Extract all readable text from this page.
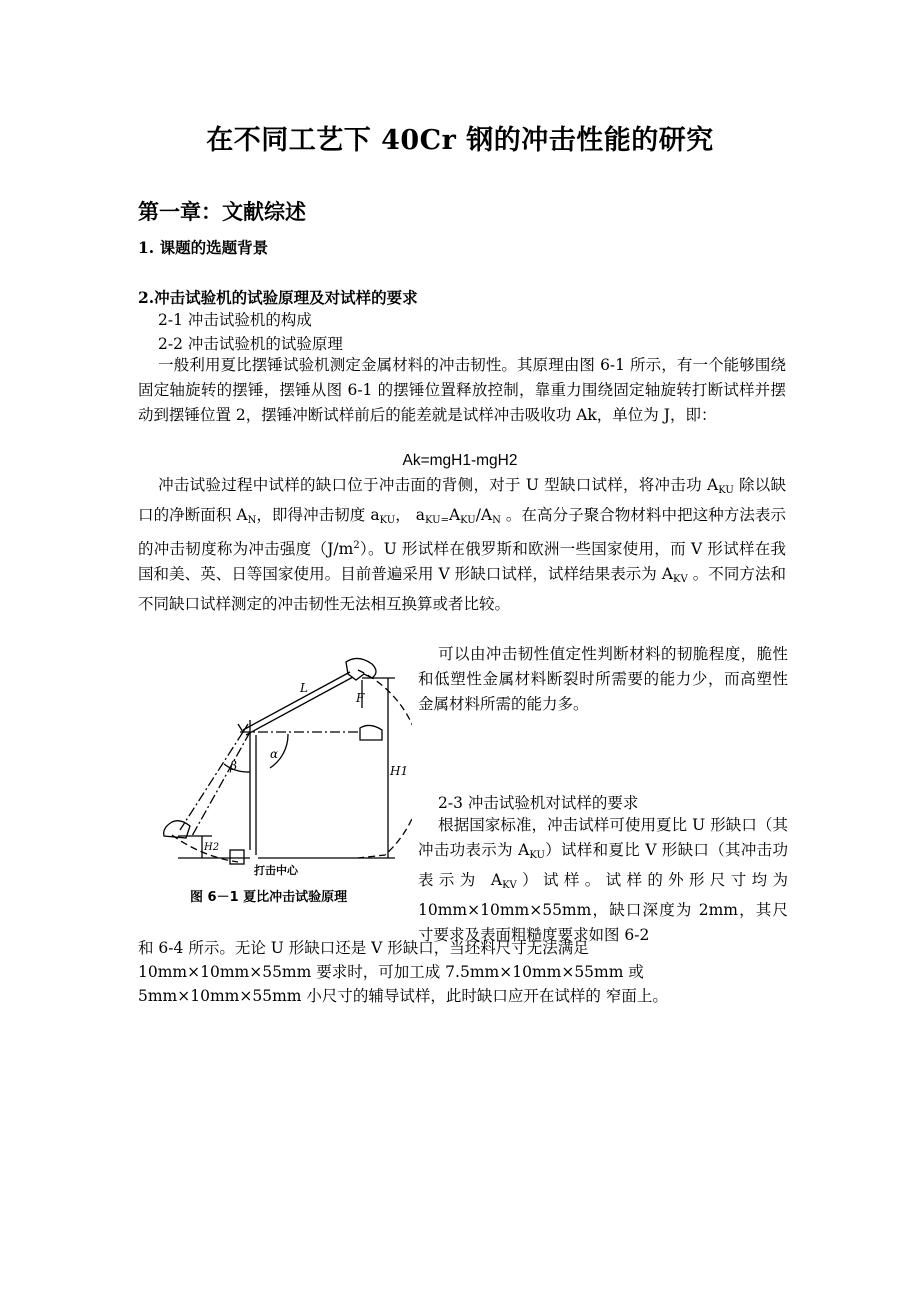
在不同工艺下 40Cr 钢的冲击性能的研究
第一章：文献综述
1. 课题的选题背景
2.冲击试验机的试验原理及对试样的要求
2-1 冲击试验机的构成
2-2 冲击试验机的试验原理
一般利用夏比摆锤试验机测定金属材料的冲击韧性。其原理由图 6-1 所示，有一个能够围绕固定轴旋转的摆锤，摆锤从图 6-1 的摆锤位置释放控制，靠重力围绕固定轴旋转打断试样并摆动到摆锤位置 2，摆锤冲断试样前后的能差就是试样冲击吸收功 Ak，单位为 J，即：
Ak=mgH1-mgH2
冲击试验过程中试样的缺口位于冲击面的背侧，对于 U 型缺口试样，将冲击功 $A_{KU}$ 除以缺口的净断面积 $A_N$，即得冲击韧度 $a_{KU}$， $a_{KU=}A_{KU}/A_N$ 。在高分子聚合物材料中把这种方法表示的冲击韧度称为冲击强度$(J/m^2)$。U 形试样在俄罗斯和欧洲一些国家使用，而 V 形试样在我国和美、英、日等国家使用。目前普遍采用 V 形缺口试样，试样结果表示为 $A_{KV}$ 。不同方法和不同缺口试样测定的冲击韧性无法相互换算或者比较。
L
F
α
β	H1
H2
打击中心
图 6－1 夏比冲击试验原理
可以由冲击韧性值定性判断材料的韧脆程度，脆性和低塑性金属材料断裂时所需要的能力少，而高塑性金属材料所需的能力多。
2-3 冲击试验机对试样的要求
根据国家标准，冲击试样可使用夏比 U 形缺口（其冲击功表示为 $A_{KU}$）试样和夏比 V 形缺口（其冲击功表示为 $A_{KV}$）试样。试样的外形尺寸均为 10mm×10mm×55mm，缺口深度为 2mm，其尺寸要求及表面粗糙度要求如图 6-2
和 6-4 所示。无论 U 形缺口还是 V 形缺口，当坯料尺寸无法满足
10mm×10mm×55mm 要求时，可加工成 7.5mm×10mm×55mm 或
5mm×10mm×55mm 小尺寸的辅导试样，此时缺口应开在试样的 窄面上。
